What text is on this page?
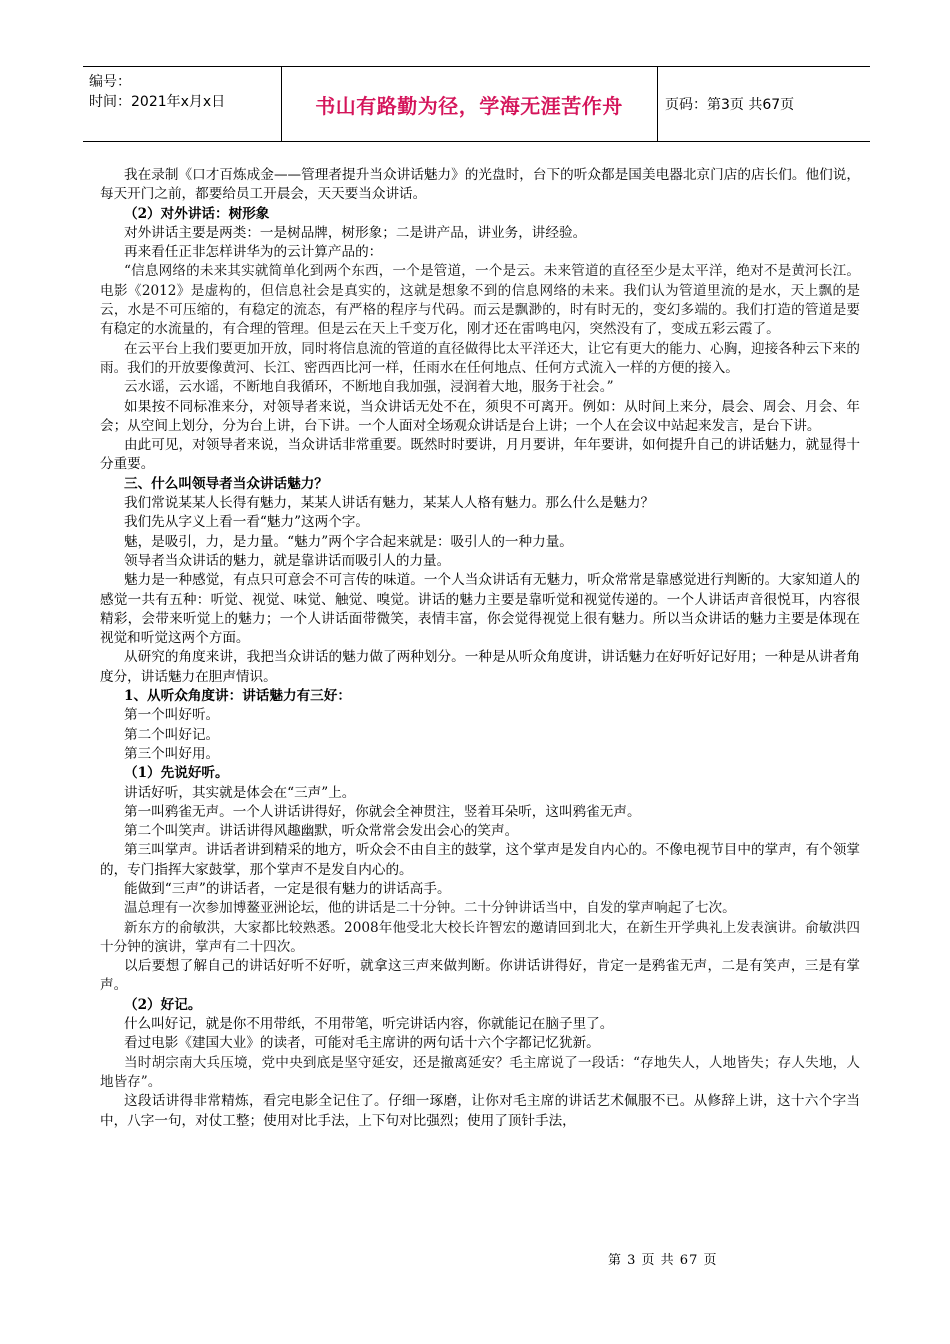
编号：
时间：2021年x月x日	书山有路勤为径，学海无涯苦作舟	页码：第3页 共67页

我在录制《口才百炼成金——管理者提升当众讲话魅力》的光盘时，台下的听众都是国美电器北京门店的店长们。他们说，每天开门之前，都要给员工开晨会，天天要当众讲话。

（2）对外讲话：树形象

对外讲话主要是两类：一是树品牌，树形象；二是讲产品，讲业务，讲经验。

再来看任正非怎样讲华为的云计算产品的：

“信息网络的未来其实就简单化到两个东西，一个是管道，一个是云。未来管道的直径至少是太平洋，绝对不是黄河长江。电影《2012》是虚构的，但信息社会是真实的，这就是想象不到的信息网络的未来。我们认为管道里流的是水，天上飘的是云，水是不可压缩的，有稳定的流态，有严格的程序与代码。而云是飘渺的，时有时无的，变幻多端的。我们打造的管道是要有稳定的水流量的，有合理的管理。但是云在天上千变万化，刚才还在雷鸣电闪，突然没有了，变成五彩云霞了。

在云平台上我们要更加开放，同时将信息流的管道的直径做得比太平洋还大，让它有更大的能力、心胸，迎接各种云下来的雨。我们的开放要像黄河、长江、密西西比河一样，任雨水在任何地点、任何方式流入一样的方便的接入。

云水谣，云水谣，不断地自我循环，不断地自我加强，浸润着大地，服务于社会。”

如果按不同标准来分，对领导者来说，当众讲话无处不在，须臾不可离开。例如：从时间上来分，晨会、周会、月会、年会；从空间上划分，分为台上讲，台下讲。一个人面对全场观众讲话是台上讲；一个人在会议中站起来发言，是台下讲。

由此可见，对领导者来说，当众讲话非常重要。既然时时要讲，月月要讲，年年要讲，如何提升自己的讲话魅力，就显得十分重要。

三、什么叫领导者当众讲话魅力？

我们常说某某人长得有魅力，某某人讲话有魅力，某某人人格有魅力。那么什么是魅力？

我们先从字义上看一看“魅力”这两个字。

魅，是吸引，力，是力量。“魅力”两个字合起来就是：吸引人的一种力量。

领导者当众讲话的魅力，就是靠讲话而吸引人的力量。

魅力是一种感觉，有点只可意会不可言传的味道。一个人当众讲话有无魅力，听众常常是靠感觉进行判断的。大家知道人的感觉一共有五种：听觉、视觉、味觉、触觉、嗅觉。讲话的魅力主要是靠听觉和视觉传递的。一个人讲话声音很悦耳，内容很精彩，会带来听觉上的魅力；一个人讲话面带微笑，表情丰富，你会觉得视觉上很有魅力。所以当众讲话的魅力主要是体现在视觉和听觉这两个方面。

从研究的角度来讲，我把当众讲话的魅力做了两种划分。一种是从听众角度讲，讲话魅力在好听好记好用；一种是从讲者角度分，讲话魅力在胆声情识。

1、从听众角度讲：讲话魅力有三好：

第一个叫好听。

第二个叫好记。

第三个叫好用。

（1）先说好听。

讲话好听，其实就是体会在“三声”上。

第一叫鸦雀无声。一个人讲话讲得好，你就会全神贯注，竖着耳朵听，这叫鸦雀无声。

第二个叫笑声。讲话讲得风趣幽默，听众常常会发出会心的笑声。

第三叫掌声。讲话者讲到精采的地方，听众会不由自主的鼓掌，这个掌声是发自内心的。不像电视节目中的掌声，有个领掌的，专门指挥大家鼓掌，那个掌声不是发自内心的。

能做到“三声”的讲话者，一定是很有魅力的讲话高手。

温总理有一次参加博鳌亚洲论坛，他的讲话是二十分钟。二十分钟讲话当中，自发的掌声响起了七次。

新东方的俞敏洪，大家都比较熟悉。2008年他受北大校长许智宏的邀请回到北大，在新生开学典礼上发表演讲。俞敏洪四十分钟的演讲，掌声有二十四次。

以后要想了解自己的讲话好听不好听，就拿这三声来做判断。你讲话讲得好，肯定一是鸦雀无声，二是有笑声，三是有掌声。

（2）好记。

什么叫好记，就是你不用带纸，不用带笔，听完讲话内容，你就能记在脑子里了。

看过电影《建国大业》的读者，可能对毛主席讲的两句话十六个字都记忆犹新。

当时胡宗南大兵压境，党中央到底是坚守延安，还是撤离延安？毛主席说了一段话：“存地失人，人地皆失；存人失地，人地皆存”。

这段话讲得非常精炼，看完电影全记住了。仔细一琢磨，让你对毛主席的讲话艺术佩服不已。从修辞上讲，这十六个字当中，八字一句，对仗工整；使用对比手法，上下句对比强烈；使用了顶针手法，

第 3 页 共 67 页
